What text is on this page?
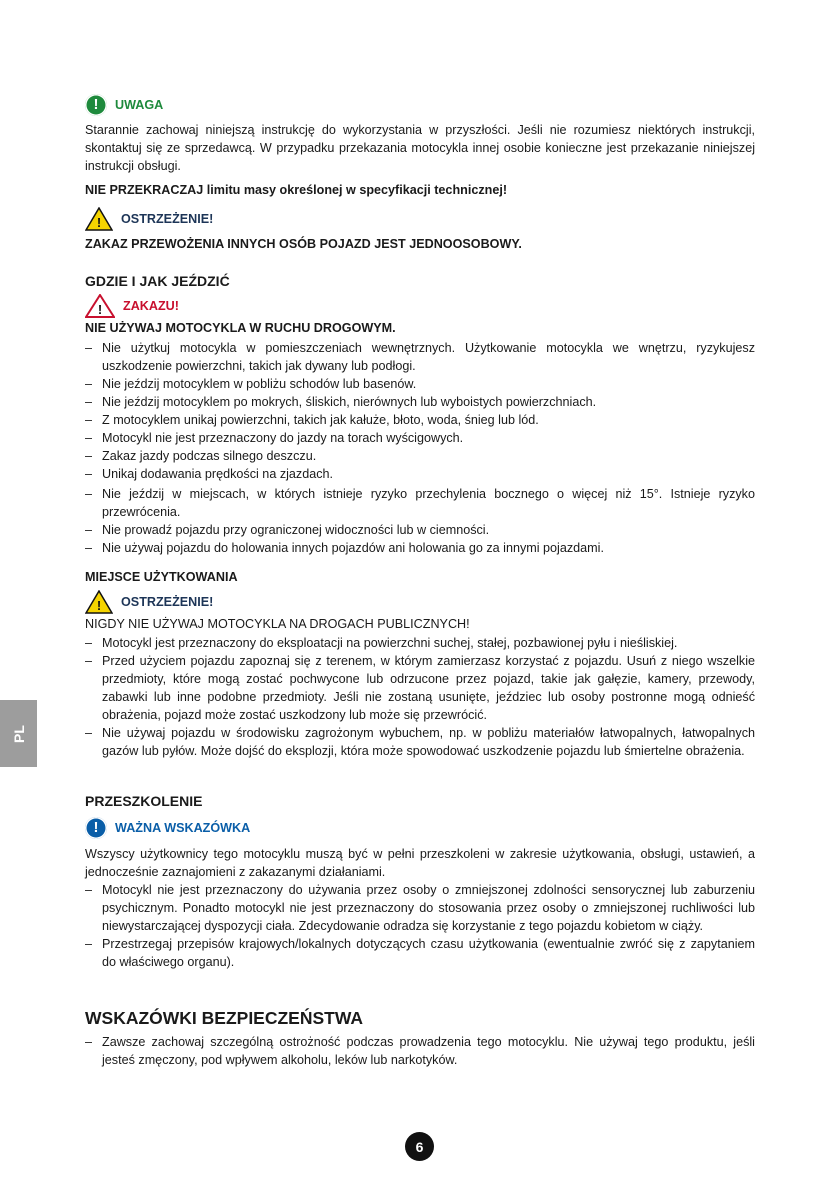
PL
!	UWAGA
Starannie zachowaj niniejszą instrukcję do wykorzystania w przyszłości. Jeśli nie rozumiesz niektórych instrukcji, skontaktuj się ze sprzedawcą. W przypadku przekazania motocykla innej osobie konieczne jest przekazanie niniejszej instrukcji obsługi.
NIE PRZEKRACZAJ limitu masy określonej w specyfikacji technicznej!
! OSTRZEŻENIE!
ZAKAZ PRZEWOŻENIA INNYCH OSÓB POJAZD JEST JEDNOOSOBOWY.
GDZIE I JAK JEŹDZIĆ
! ZAKAZU!
NIE UŻYWAJ MOTOCYKLA W RUCHU DROGOWYM.
– Nie użytkuj motocykla w pomieszczeniach wewnętrznych. Użytkowanie motocykla we wnętrzu, ryzykujesz uszkodzenie powierzchni, takich jak dywany lub podłogi.
– Nie jeździj motocyklem w pobliżu schodów lub basenów.
– Nie jeździj motocyklem po mokrych, śliskich, nierównych lub wyboistych powierzchniach.
– Z motocyklem unikaj powierzchni, takich jak kałuże, błoto, woda, śnieg lub lód.
– Motocykl nie jest przeznaczony do jazdy na torach wyścigowych.
– Zakaz jazdy podczas silnego deszczu.
– Unikaj dodawania prędkości na zjazdach.
– Nie jeździj w miejscach, w których istnieje ryzyko przechylenia bocznego o więcej niż 15°. Istnieje ryzyko przewrócenia.
– Nie prowadź pojazdu przy ograniczonej widoczności lub w ciemności.
– Nie używaj pojazdu do holowania innych pojazdów ani holowania go za innymi pojazdami.
MIEJSCE UŻYTKOWANIA
! OSTRZEŻENIE!
NIGDY NIE UŻYWAJ MOTOCYKLA NA DROGACH PUBLICZNYCH!
– Motocykl jest przeznaczony do eksploatacji na powierzchni suchej, stałej, pozbawionej pyłu i nieśliskiej.
– Przed użyciem pojazdu zapoznaj się z terenem, w którym zamierzasz korzystać z pojazdu. Usuń z niego wszelkie przedmioty, które mogą zostać pochwycone lub odrzucone przez pojazd, takie jak gałęzie, kamery, przewody, zabawki lub inne podobne przedmioty. Jeśli nie zostaną usunięte, jeździec lub osoby postronne mogą odnieść obrażenia, pojazd może zostać uszkodzony lub może się przewrócić.
– Nie używaj pojazdu w środowisku zagrożonym wybuchem, np. w pobliżu materiałów łatwopalnych, łatwopalnych gazów lub pyłów. Może dojść do eksplozji, która może spowodować uszkodzenie pojazdu lub śmiertelne obrażenia.
PRZESZKOLENIE
!	WAŻNA WSKAZÓWKA
Wszyscy użytkownicy tego motocyklu muszą być w pełni przeszkoleni w zakresie użytkowania, obsługi, ustawień, a jednocześnie zaznajomieni z zakazanymi działaniami.
– Motocykl nie jest przeznaczony do używania przez osoby o zmniejszonej zdolności sensorycznej lub zaburzeniu psychicznym. Ponadto motocykl nie jest przeznaczony do stosowania przez osoby o zmniejszonej ruchliwości lub niewystarczającej dyspozycji ciała. Zdecydowanie odradza się korzystanie z tego pojazdu kobietom w ciąży.
– Przestrzegaj przepisów krajowych/lokalnych dotyczących czasu użytkowania (ewentualnie zwróć się z zapytaniem do właściwego organu).
WSKAZÓWKI BEZPIECZEŃSTWA
– Zawsze zachowaj szczególną ostrożność podczas prowadzenia tego motocyklu. Nie używaj tego produktu, jeśli jesteś zmęczony, pod wpływem alkoholu, leków lub narkotyków.
6
